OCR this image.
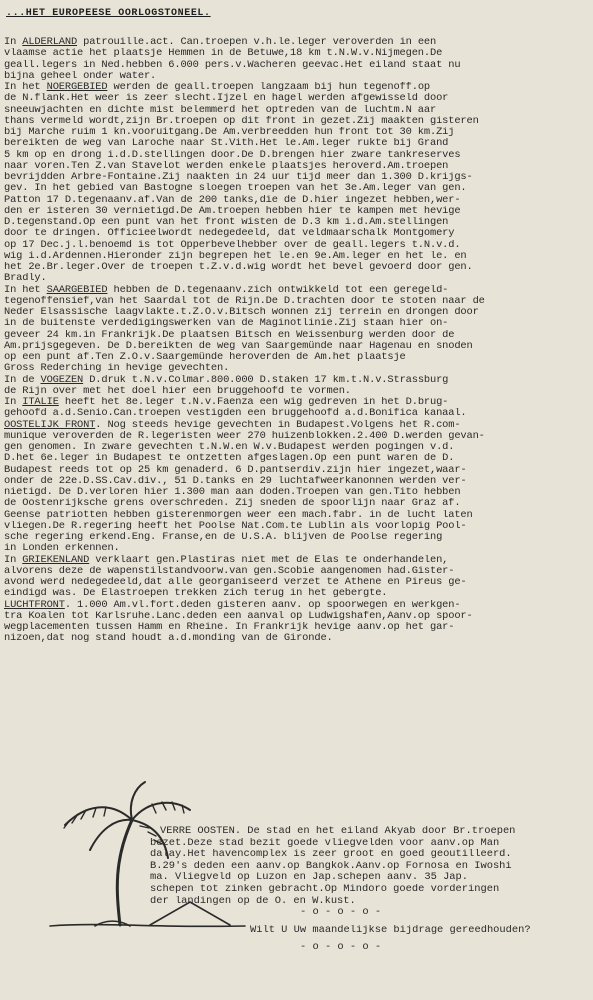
...HET EUROPEESE OORLOGSTONEEL.
In ALDERLAND patrouille.act. Can.troepen v.h.le.leger veroverden in een
vlaamse actie het plaatsje Hemmen in de Betuwe,18 km t.N.W.v.Nijmegen.De
geall.legers in Ned.hebben 6.000 pers.v.Wacheren geevac.Het eiland staat nu
bijna geheel onder water.
In het NOERGEBIED werden de geall.troepen langzaam bij hun tegenoff.op
de N.flank.Het weer is zeer slecht.Ijzel en hagel werden afgewisseld door
sneeuwjachten en dichte mist belemmerd het optreden van de luchtm.N aar
thans vermeld wordt,zijn Br.troepen op dit front in gezet.Zij maakten gisteren
bij Marche ruim 1 kn.vooruitgang.De Am.verbreedden hun front tot 30 km.Zij
bereikten de weg van Laroche naar St.Vith.Het le.Am.leger rukte bij Grand
5 km op en drong i.d.D.stellingen door.De D.brengen hier zware tankreserves
naar voren.Ten Z.van Stavelot werden enkele plaatsjes heroverd.Am.troepen
bevrijdden Arbre-Fontaine.Zij naakten in 24 uur tijd meer dan 1.300 D.krijgs-
gev. In het gebied van Bastogne sloegen troepen van het 3e.Am.leger van gen.
Patton 17 D.tegenaanv.af.Van de 200 tanks,die de D.hier ingezet hebben,wer-
den er isteren 30 vernietigd.De Am.troepen hebben hier te kampen met hevige
D.tegenstand.Op een punt van het front wisten de D.3 km i.d.Am.stellingen
door te dringen. Officieelwordt nedegedeeld, dat veldmaarschalk Montgomery
op 17 Dec.j.l.benoemd is tot Opperbevelhebber over de geall.legers t.N.v.d.
wig i.d.Ardennen.Hieronder zijn begrepen het le.en 9e.Am.leger en het le. en
het 2e.Br.leger.Over de troepen t.Z.v.d.wig wordt het bevel gevoerd door gen.
Bradly.
In het SAARGEBIED hebben de D.tegenaanv.zich ontwikkeld tot een geregeld-
tegenoffensief,van het Saardal tot de Rijn.De D.trachten door te stoten naar de
Neder Elsassische laagvlakte.t.Z.O.v.Bitsch wonnen zij terrein en drongen door
in de buitenste verdedigingswerken van de Maginotlinie.Zij staan hier on-
geveer 24 km.in Frankrijk.De plaatsen Bitsch en Weissenburg werden door de
Am.prijsgegeven. De D.bereikten de weg van Saargemünde naar Hagenau en snoden
op een punt af.Ten Z.O.v.Saargemünde heroverden de Am.het plaatsje
Gross Rederching in hevige gevechten.
In de VOGEZEN D.druk t.N.v.Colmar.800.000 D.staken 17 km.t.N.v.Strassburg
de Rijn over met het doel hier een bruggehoofd te vormen.
In ITALIE heeft het 8e.leger t.N.v.Faenza een wig gedreven in het D.brug-
gehoofd a.d.Senio.Can.troepen vestigden een bruggehoofd a.d.Bonifica kanaal.
OOSTELIJK FRONT. Nog steeds hevige gevechten in Budapest.Volgens het R.com-
munique veroverden de R.legeristen weer 270 huizenblokken.2.400 D.werden gevan-
gen genomen. In zware gevechten t.N.W.en W.v.Budapest werden pogingen v.d.
D.het 6e.leger in Budapest te ontzetten afgeslagen.Op een punt waren de D.
Budapest reeds tot op 25 km genaderd. 6 D.pantserdiv.zijn hier ingezet,waar-
onder de 22e.D.SS.Cav.div., 51 D.tanks en 29 luchtafweerkanonnen werden ver-
nietigd. De D.verloren hier 1.300 man aan doden.Troepen van gen.Tito hebben
de Oostenrijksche grens overschreden. Zij sneden de spoorlijn naar Graz af.
Geense patriotten hebben gisterenmorgen weer een mach.fabr. in de lucht laten
vliegen.De R.regering heeft het Poolse Nat.Com.te Lublin als voorlopig Pool-
sche regering erkend.Eng. Franse,en de U.S.A. blijven de Poolse regering
in Londen erkennen.
In GRIEKENLAND verklaart gen.Plastiras niet met de Elas te onderhandelen,
alvorens deze de wapenstilstandvoorw.van gen.Scobie aangenomen had.Gister-
avond werd nedegedeeld,dat alle georganiseerd verzet te Athene en Pireus ge-
eindigd was. De Elastroepen trekken zich terug in het gebergte.
LUCHTFRONT. 1.000 Am.vl.fort.deden gisteren aanv. op spoorwegen en werkgen-
tra Koalen tot Karlsruhe.Lanc.deden een aanval op Ludwigshafen,Aanv.op spoor-
wegplacementen tussen Hamm en Rheine. In Frankrijk hevige aanv.op het gar-
nizoen,dat nog stand houdt a.d.monding van de Gironde.
VERRE OOSTEN. De stad en het eiland Akyab door Br.troepen
bezet.Deze stad bezit goede vliegvelden voor aanv.op Man
dalay.Het havencomplex is zeer groot en goed geoutilleerd.
B.29's deden een aanv.op Bangkok.Aanv.op Fornosa en Iwoshi
ma. Vliegveld op Luzon en Jap.schepen aanv. 35 Jap.
schepen tot zinken gebracht.Op Mindoro goede vorderingen
der landingen op de O. en W.kust.
- o - o - o -
Wilt U Uw maandelijkse bijdrage gereedhouden?
- o - o - o -
